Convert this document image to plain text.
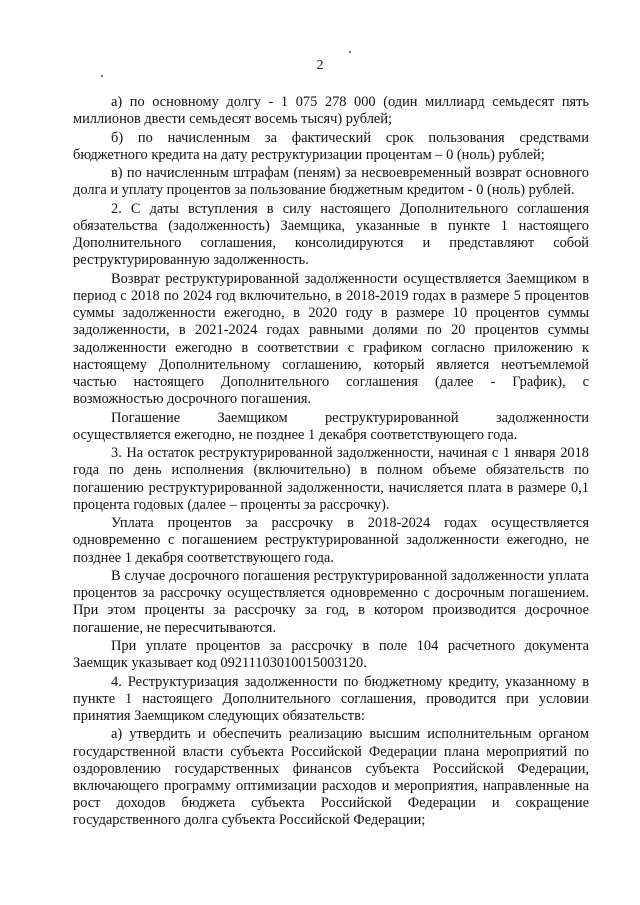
2

а) по основному долгу - 1 075 278 000 (один миллиард семьдесят пять миллионов двести семьдесят восемь тысяч) рублей;

б) по начисленным за фактический срок пользования средствами бюджетного кредита на дату реструктуризации процентам – 0 (ноль) рублей;

в) по начисленным штрафам (пеням) за несвоевременный возврат основного долга и уплату процентов за пользование бюджетным кредитом - 0 (ноль) рублей.

2. С даты вступления в силу настоящего Дополнительного соглашения обязательства (задолженность) Заемщика, указанные в пункте 1 настоящего Дополнительного соглашения, консолидируются и представляют собой реструктурированную задолженность.

Возврат реструктурированной задолженности осуществляется Заемщиком в период с 2018 по 2024 год включительно, в 2018-2019 годах в размере 5 процентов суммы задолженности ежегодно, в 2020 году в размере 10 процентов суммы задолженности, в 2021-2024 годах равными долями по 20 процентов суммы задолженности ежегодно в соответствии с графиком согласно приложению к настоящему Дополнительному соглашению, который является неотъемлемой частью настоящего Дополнительного соглашения (далее - График), с возможностью досрочного погашения.

Погашение Заемщиком реструктурированной задолженности осуществляется ежегодно, не позднее 1 декабря соответствующего года.

3. На остаток реструктурированной задолженности, начиная с 1 января 2018 года по день исполнения (включительно) в полном объеме обязательств по погашению реструктурированной задолженности, начисляется плата в размере 0,1 процента годовых (далее – проценты за рассрочку).

Уплата процентов за рассрочку в 2018-2024 годах осуществляется одновременно с погашением реструктурированной задолженности ежегодно, не позднее 1 декабря соответствующего года.

В случае досрочного погашения реструктурированной задолженности уплата процентов за рассрочку осуществляется одновременно с досрочным погашением. При этом проценты за рассрочку за год, в котором производится досрочное погашение, не пересчитываются.

При уплате процентов за рассрочку в поле 104 расчетного документа Заемщик указывает код 09211103010015003120.

4. Реструктуризация задолженности по бюджетному кредиту, указанному в пункте 1 настоящего Дополнительного соглашения, проводится при условии принятия Заемщиком следующих обязательств:

а) утвердить и обеспечить реализацию высшим исполнительным органом государственной власти субъекта Российской Федерации плана мероприятий по оздоровлению государственных финансов субъекта Российской Федерации, включающего программу оптимизации расходов и мероприятия, направленные на рост доходов бюджета субъекта Российской Федерации и сокращение государственного долга субъекта Российской Федерации;
